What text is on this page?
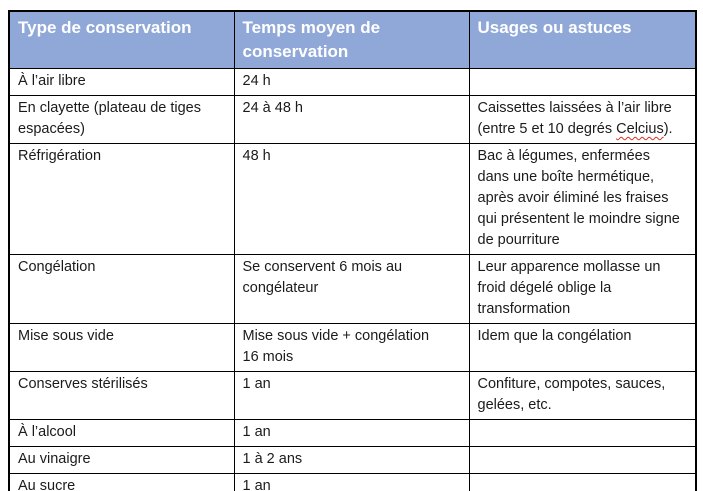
Type de conservation	Temps moyen de conservation	Usages ou astuces
À l’air libre	24 h	
En clayette (plateau de tiges espacées)	24 à 48 h	Caissettes laissées à l’air libre (entre 5 et 10 degrés Celcius).
Réfrigération	48 h	Bac à légumes, enfermées dans une boîte hermétique, après avoir éliminé les fraises qui présentent le moindre signe de pourriture
Congélation	Se conservent 6 mois au congélateur	Leur apparence mollasse un froid dégelé oblige la transformation
Mise sous vide	Mise sous vide + congélation 16 mois	Idem que la congélation
Conserves stérilisés	1 an	Confiture, compotes, sauces, gelées, etc.
À l’alcool	1 an	
Au vinaigre	1 à 2 ans	
Au sucre	1 an	
